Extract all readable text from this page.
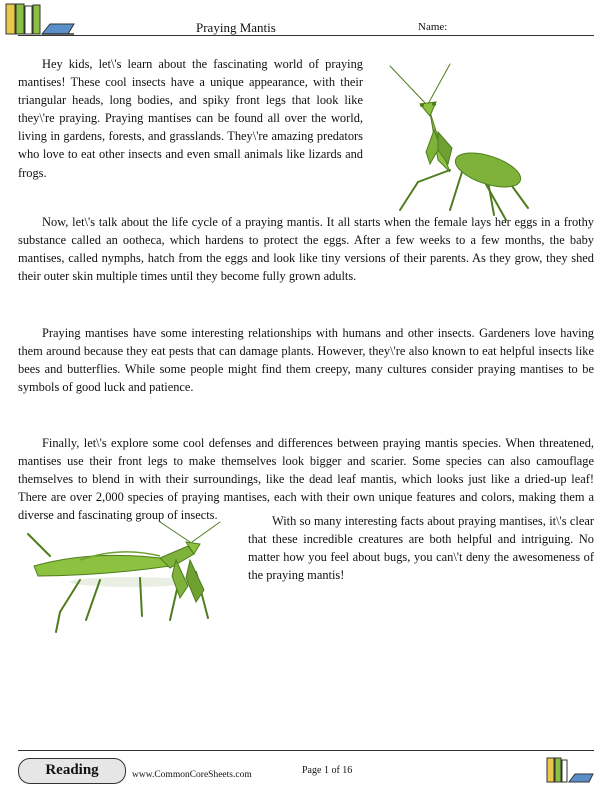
Praying Mantis	Name:

Hey kids, let\'s learn about the fascinating world of praying mantises! These cool insects have a unique appearance, with their triangular heads, long bodies, and spiky front legs that look like they\'re praying. Praying mantises can be found all over the world, living in gardens, forests, and grasslands. They\'re amazing predators who love to eat other insects and even small animals like lizards and frogs.

Now, let\'s talk about the life cycle of a praying mantis. It all starts when the female lays her eggs in a frothy substance called an ootheca, which hardens to protect the eggs. After a few weeks to a few months, the baby mantises, called nymphs, hatch from the eggs and look like tiny versions of their parents. As they grow, they shed their outer skin multiple times until they become fully grown adults.

Praying mantises have some interesting relationships with humans and other insects. Gardeners love having them around because they eat pests that can damage plants. However, they\'re also known to eat helpful insects like bees and butterflies. While some people might find them creepy, many cultures consider praying mantises to be symbols of good luck and patience.

Finally, let\'s explore some cool defenses and differences between praying mantis species. When threatened, mantises use their front legs to make themselves look bigger and scarier. Some species can also camouflage themselves to blend in with their surroundings, like the dead leaf mantis, which looks just like a dried-up leaf! There are over 2,000 species of praying mantises, each with their own unique features and colors, making them a diverse and fascinating group of insects.	With so many interesting facts about praying mantises, it\'s clear that these incredible creatures are both helpful and intriguing. No matter how you feel about bugs, you can\'t deny the awesomeness of the praying mantis!

Reading	www.CommonCoreSheets.com	Page 1 of 16
